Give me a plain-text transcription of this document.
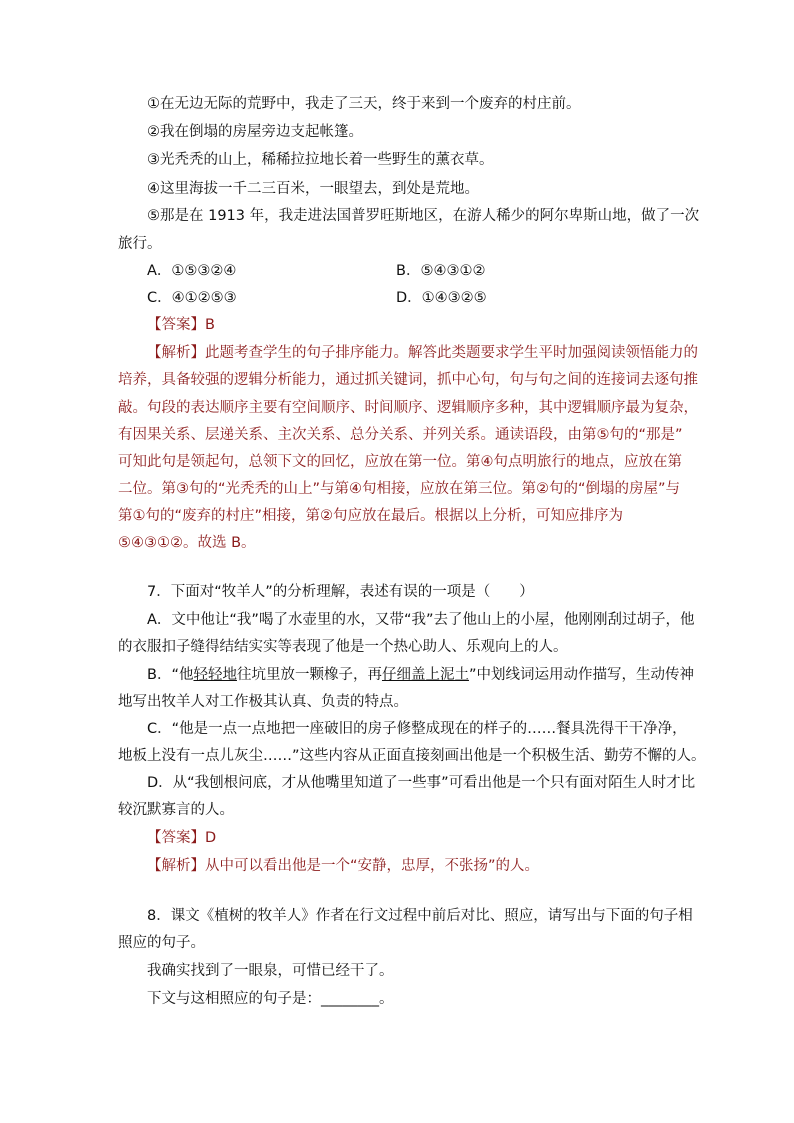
①在无边无际的荒野中，我走了三天，终于来到一个废弃的村庄前。
②我在倒塌的房屋旁边支起帐篷。
③光秃秃的山上，稀稀拉拉地长着一些野生的薰衣草。
④这里海拔一千二三百米，一眼望去，到处是荒地。
⑤那是在 1913 年，我走进法国普罗旺斯地区，在游人稀少的阿尔卑斯山地，做了一次
旅行。
A．①⑤③②④	B．⑤④③①②
C．④①②⑤③	D．①④③②⑤
【答案】B
【解析】此题考查学生的句子排序能力。解答此类题要求学生平时加强阅读领悟能力的
培养，具备较强的逻辑分析能力，通过抓关键词，抓中心句，句与句之间的连接词去逐句推
敲。句段的表达顺序主要有空间顺序、时间顺序、逻辑顺序多种，其中逻辑顺序最为复杂，
有因果关系、层递关系、主次关系、总分关系、并列关系。通读语段，由第⑤句的“那是”
可知此句是领起句，总领下文的回忆，应放在第一位。第④句点明旅行的地点，应放在第
二位。第③句的“光秃秃的山上”与第④句相接，应放在第三位。第②句的“倒塌的房屋”与
第①句的“废弃的村庄”相接，第②句应放在最后。根据以上分析，可知应排序为
⑤④③①②。故选 B。
7．下面对“牧羊人”的分析理解，表述有误的一项是（　　）
A．文中他让“我”喝了水壶里的水，又带“我”去了他山上的小屋，他刚刚刮过胡子，他
的衣服扣子缝得结结实实等表现了他是一个热心助人、乐观向上的人。
B．“他轻轻地往坑里放一颗橡子，再仔细盖上泥土”中划线词运用动作描写，生动传神
地写出牧羊人对工作极其认真、负责的特点。
C．“他是一点一点地把一座破旧的房子修整成现在的样子的……餐具洗得干干净净，
地板上没有一点儿灰尘……”这些内容从正面直接刻画出他是一个积极生活、勤劳不懈的人。
D．从“我刨根问底，才从他嘴里知道了一些事”可看出他是一个只有面对陌生人时才比
较沉默寡言的人。
【答案】D
【解析】从中可以看出他是一个“安静，忠厚，不张扬”的人。
8．课文《植树的牧羊人》作者在行文过程中前后对比、照应，请写出与下面的句子相
照应的句子。
我确实找到了一眼泉，可惜已经干了。
下文与这相照应的句子是：________。
